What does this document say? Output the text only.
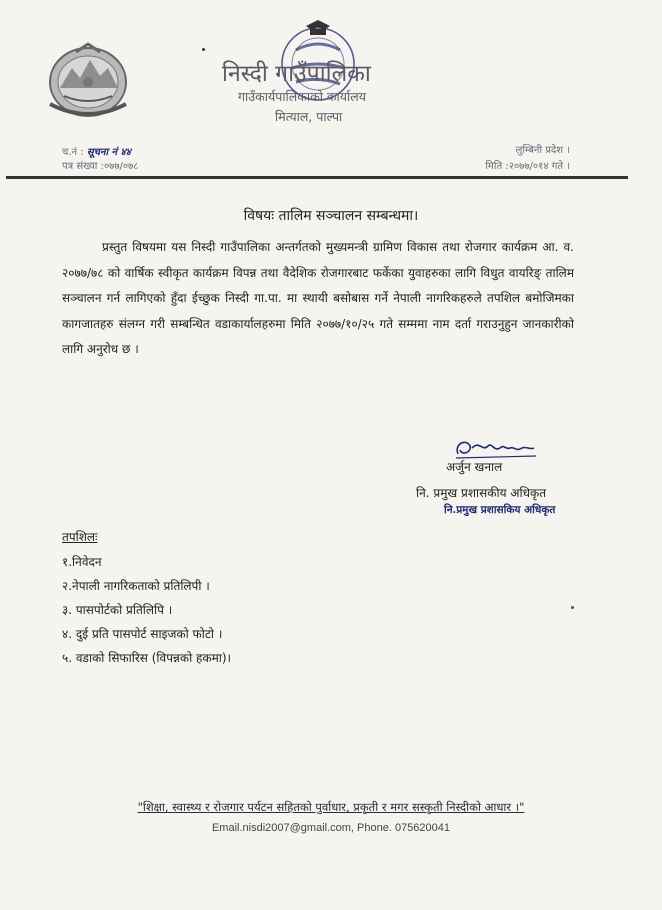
निस्दी गाउँपालिका
गाउँकार्यपालिकाको कार्यालय
मित्याल, पाल्पा
च.नं : सूचना नं ४४
पत्र संख्या :०७७/०७८
लुम्बिनी प्रदेश ।
मिति :२०७७/०१४ गते ।
विषयः तालिम सञ्चालन सम्बन्धमा।

प्रस्तुत विषयमा यस निस्दी गाउँपालिका अन्तर्गतको मुख्यमन्त्री ग्रामिण विकास तथा रोजगार कार्यक्रम आ. व. २०७७/७८ को वार्षिक स्वीकृत कार्यक्रम विपन्न तथा वैदेशिक रोजगारबाट फर्केका युवाहरुका लागि विधुत वायरिङ् तालिम सञ्चालन गर्न लागिएको हुँदा ईच्छुक निस्दी गा.पा. मा स्थायी बसोबास गर्ने नेपाली नागरिकहरुले तपशिल बमोजिमका कागजातहरु संलग्न गरी सम्बन्धित वडाकार्यालहरुमा मिति २०७७/१०/२५ गते सम्ममा नाम दर्ता गराउनुहुन जानकारीको लागि अनुरोध छ ।

अर्जुन खनाल
नि. प्रमुख प्रशासकीय अधिकृत
नि.प्रमुख प्रशासकिय अधिकृत
तपशिलः
१.निवेदन
२.नेपाली नागरिकताको प्रतिलिपी ।
३. पासपोर्टको प्रतिलिपि ।
४. दुई प्रति पासपोर्ट साइजको फोटो ।
५. वडाको सिफारिस (विपन्नको हकमा)।
"शिक्षा, स्वास्थ्य र रोजगार पर्यटन सहितको पुर्वाधार, प्रकृती र मगर सस्कृती निस्दीको आधार ।"
Email.nisdi2007@gmail.com, Phone. 075620041
